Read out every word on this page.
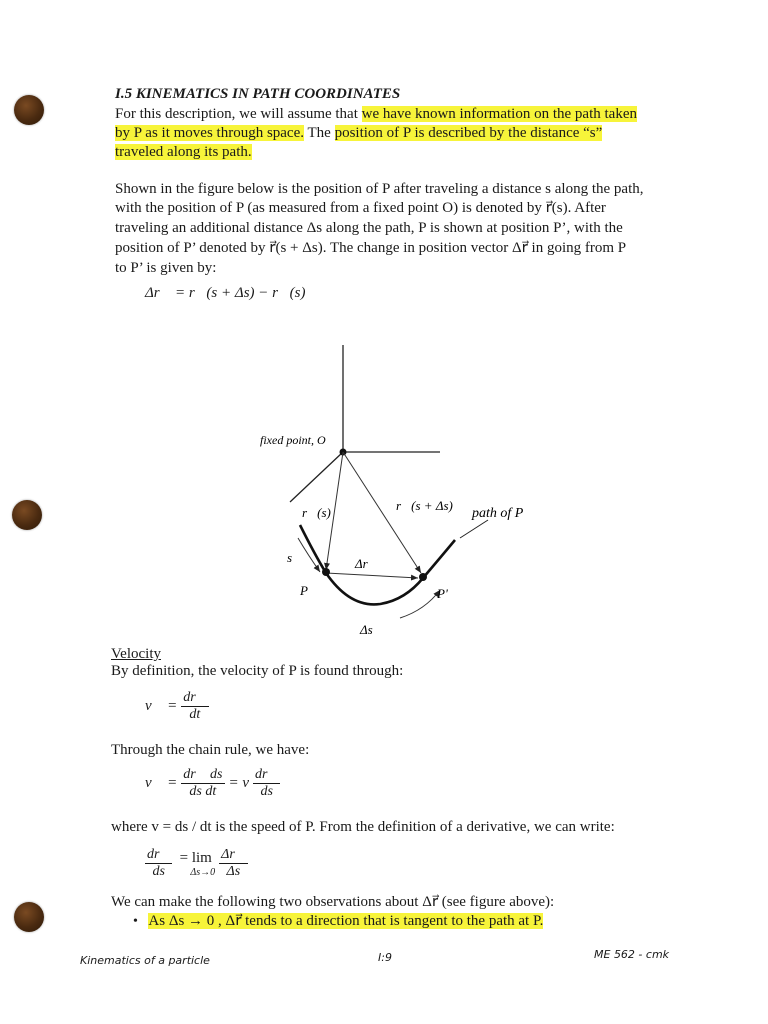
I.5 KINEMATICS IN PATH COORDINATES
For this description, we will assume that we have known information on the path taken
by P as it moves through space. The position of P is described by the distance “s”
traveled along its path.
Shown in the figure below is the position of P after traveling a distance s along the path,
with the position of P (as measured from a fixed point O) is denoted by r⃗(s). After
traveling an additional distance Δs along the path, P is shown at position P’, with the
position of P’ denoted by r⃗(s + Δs). The change in position vector Δr⃗ in going from P
to P’ is given by:
Δr⃗ = r⃗(s + Δs) − r⃗(s)
fixed point, O
r⃗(s)	r⃗(s + Δs)
path of P
s	Δr⃗
P	P'
Δs
Velocity
By definition, the velocity of P is found through:
v⃗ = $\frac{dr⃗}{dt}$
Through the chain rule, we have:
v⃗ = $\frac{dr⃗ ds}{\text{ds dt}} = v \frac{dr⃗}{ds}$
where v = ds / dt is the speed of P. From the definition of a derivative, we can write:
$\frac{dr⃗}{ds}$
= lim
Δs→0
$\frac{\Delta r⃗}{\Delta s}$
We can make the following two observations about Δr⃗ (see figure above):
•   As Δs → 0 , Δr⃗ tends to a direction that is tangent to the path at P.
Kinematics of a particle	I:9	ME 562 - cmk
